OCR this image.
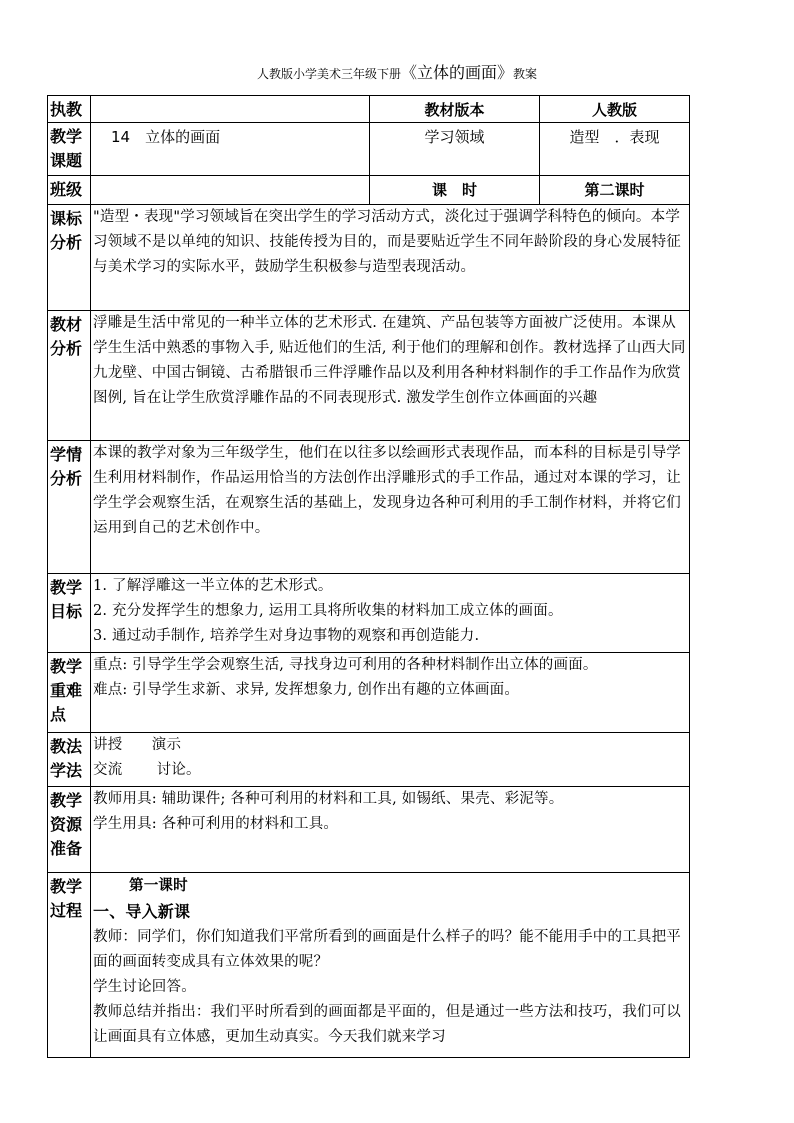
人教版小学美术三年级下册《立体的画面》教案
执教		教材版本	人教版
教学课题	14　立体的画面	学习领域	造型　．表现
班级		课　时	第二课时
课标分析	"造型・表现"学习领域旨在突出学生的学习活动方式，淡化过于强调学科特色的倾向。本学习领域不是以单纯的知识、技能传授为目的，而是要贴近学生不同年龄阶段的身心发展特征与美术学习的实际水平，鼓励学生积极参与造型表现活动。		
教材分析	浮雕是生活中常见的一种半立体的艺术形式. 在建筑、产品包装等方面被广泛使用。本课从学生生活中熟悉的事物入手, 贴近他们的生活, 利于他们的理解和创作。教材选择了山西大同九龙壁、中国古铜镜、古希腊银币三件浮雕作品以及利用各种材料制作的手工作品作为欣赏图例, 旨在让学生欣赏浮雕作品的不同表现形式. 激发学生创作立体画面的兴趣		
学情分析	本课的教学对象为三年级学生，他们在以往多以绘画形式表现作品，而本科的目标是引导学生利用材料制作，作品运用恰当的方法创作出浮雕形式的手工作品，通过对本课的学习，让学生学会观察生活，在观察生活的基础上，发现身边各种可利用的手工制作材料，并将它们运用到自己的艺术创作中。		
教学目标	1. 了解浮雕这一半立体的艺术形式。

2. 充分发挥学生的想象力, 运用工具将所收集的材料加工成立体的画面。

3. 通过动手制作, 培养学生对身边事物的观察和再创造能力.		

教学重难点	重点: 引导学生学会观察生活, 寻找身边可利用的各种材料制作出立体的画面。

难点: 引导学生求新、求异, 发挥想象力, 创作出有趣的立体画面。		

教法学法	讲授　　演示

交流　　 讨论。		

教学资源准备	教师用具: 辅助课件; 各种可利用的材料和工具, 如锡纸、果壳、彩泥等。

学生用具: 各种可利用的材料和工具。		

教学过程	第一课时

一、导入新课

教师：同学们，你们知道我们平常所看到的画面是什么样子的吗？能不能用手中的工具把平面的画面转变成具有立体效果的呢？

学生讨论回答。

教师总结并指出：我们平时所看到的画面都是平面的，但是通过一些方法和技巧，我们可以让画面具有立体感，更加生动真实。今天我们就来学习		
